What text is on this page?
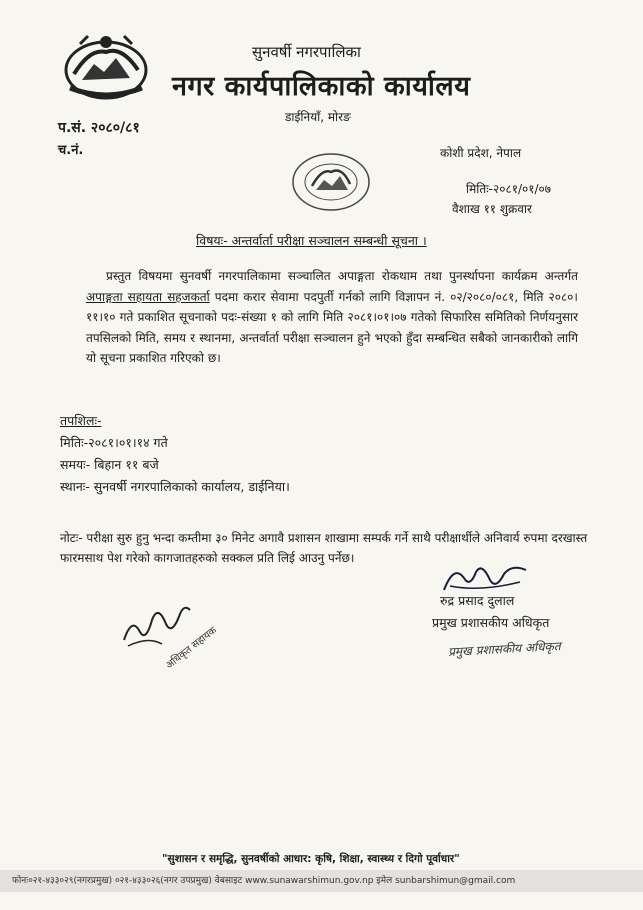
सुनवर्षी नगरपालिका
नगर कार्यपालिकाको कार्यालय
डाईनियाँ, मोरङ
प.सं. २०८०/८१
च.नं.	कोशी प्रदेश, नेपाल
मितिः-२०८१/०१/०७
वैशाख ११ शुक्रवार
विषयः- अन्तर्वार्ता परीक्षा सञ्चालन सम्बन्धी सूचना ।
प्रस्तुत विषयमा सुनवर्षी नगरपालिकामा सञ्चालित अपाङ्गता रोकथाम तथा पुनर्स्थापना कार्यक्रम अन्तर्गत अपाङ्गता सहायता सहजकर्ता पदमा करार सेवामा पदपुर्ती गर्नको लागि विज्ञापन नं. ०२/२०८०/०८१, मिति २०८०।११।१० गते प्रकाशित सूचनाको पदः-संख्या १ को लागि मिति २०८१।०१।०७ गतेको सिफारिस समितिको निर्णयनुसार तपसिलको मिति, समय र स्थानमा, अन्तर्वार्ता परीक्षा सञ्चालन हुने भएको हुँदा सम्बन्धित सबैको जानकारीको लागि यो सूचना प्रकाशित गरिएको छ।
तपशिलः-
मितिः-२०८१।०१।१४ गते
समयः- बिहान ११ बजे
स्थानः- सुनवर्षी नगरपालिकाको कार्यालय, डाईनिया।
नोटः- परीक्षा सुरु हुनु भन्दा कम्तीमा ३० मिनेट अगावै प्रशासन शाखामा सम्पर्क गर्ने साथै परीक्षार्थीले अनिवार्य रुपमा दरखास्त फारमसाथ पेश गरेको कागजातहरुको सक्कल प्रति लिई आउनु पर्नेछ।
रुद्र प्रसाद दुलाल
प्रमुख प्रशासकीय अधिकृत
प्रमुख प्रशासकीय अधिकृत
अधिकृत सहायक
"सुशासन र समृद्धि, सुनवर्षीको आधार: कृषि, शिक्षा, स्वास्थ्य र दिगो पूर्वाधार"
फोनः०२१-४३३०२९(नगरप्रमुख) ०२१-४३३०२६(नगर उपप्रमुख) वेबसाइट www.sunawarshimun.gov.np इमेल sunbarshimun@gmail.com
